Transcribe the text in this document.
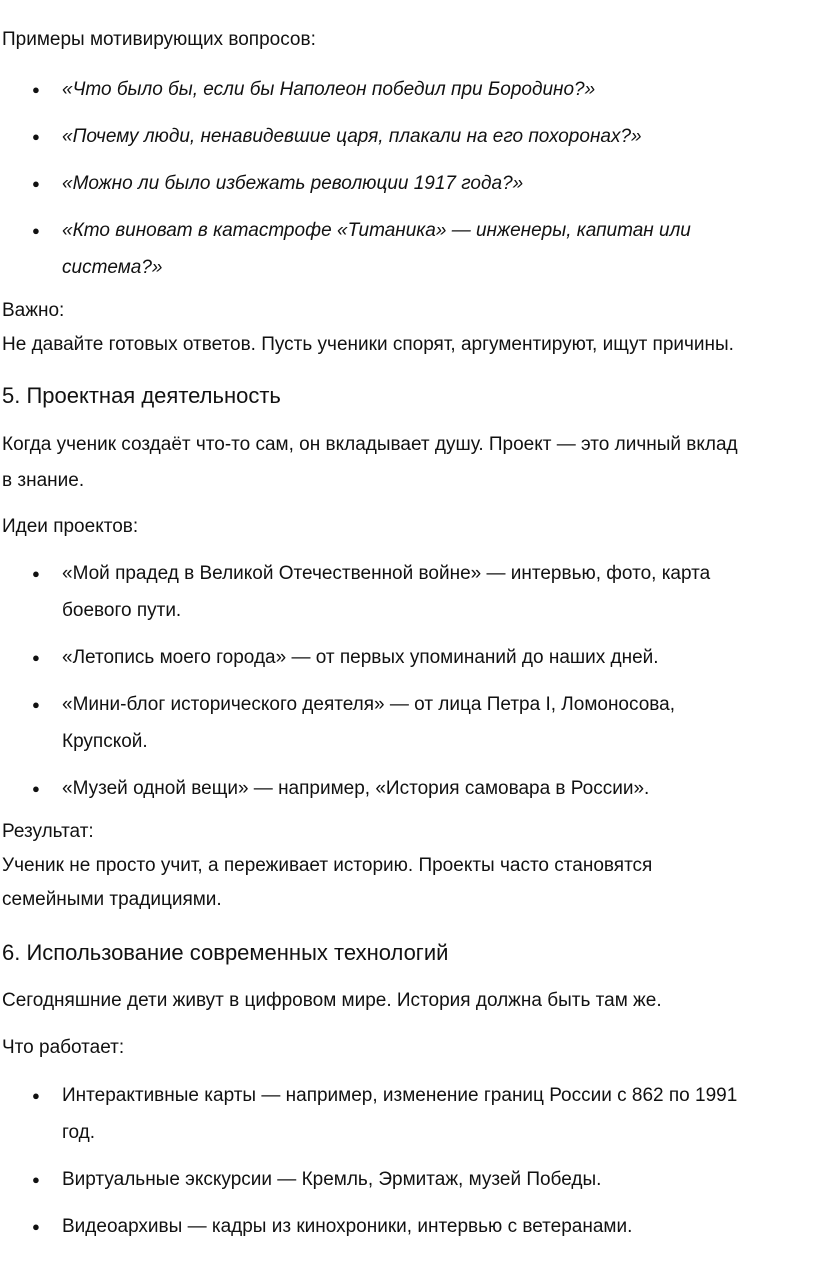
Примеры мотивирующих вопросов:

● «Что было бы, если бы Наполеон победил при Бородино?»
● «Почему люди, ненавидевшие царя, плакали на его похоронах?»
● «Можно ли было избежать революции 1917 года?»
● «Кто виноват в катастрофе «Титаника» — инженеры, капитан или
система?»
Важно:
Не давайте готовых ответов. Пусть ученики спорят, аргументируют, ищут причины.
5. Проектная деятельность
Когда ученик создаёт что-то сам, он вкладывает душу. Проект — это личный вклад
в знание.

Идеи проектов:

● «Мой прадед в Великой Отечественной войне» — интервью, фото, карта
боевого пути.
● «Летопись моего города» — от первых упоминаний до наших дней.
● «Мини-блог исторического деятеля» — от лица Петра I, Ломоносова,
Крупской.
● «Музей одной вещи» — например, «История самовара в России».
Результат:
Ученик не просто учит, а переживает историю. Проекты часто становятся
семейными традициями.
6. Использование современных технологий

Сегодняшние дети живут в цифровом мире. История должна быть там же.

Что работает:

● Интерактивные карты — например, изменение границ России с 862 по 1991
год.
● Виртуальные экскурсии — Кремль, Эрмитаж, музей Победы.
● Видеоархивы — кадры из кинохроники, интервью с ветеранами.
